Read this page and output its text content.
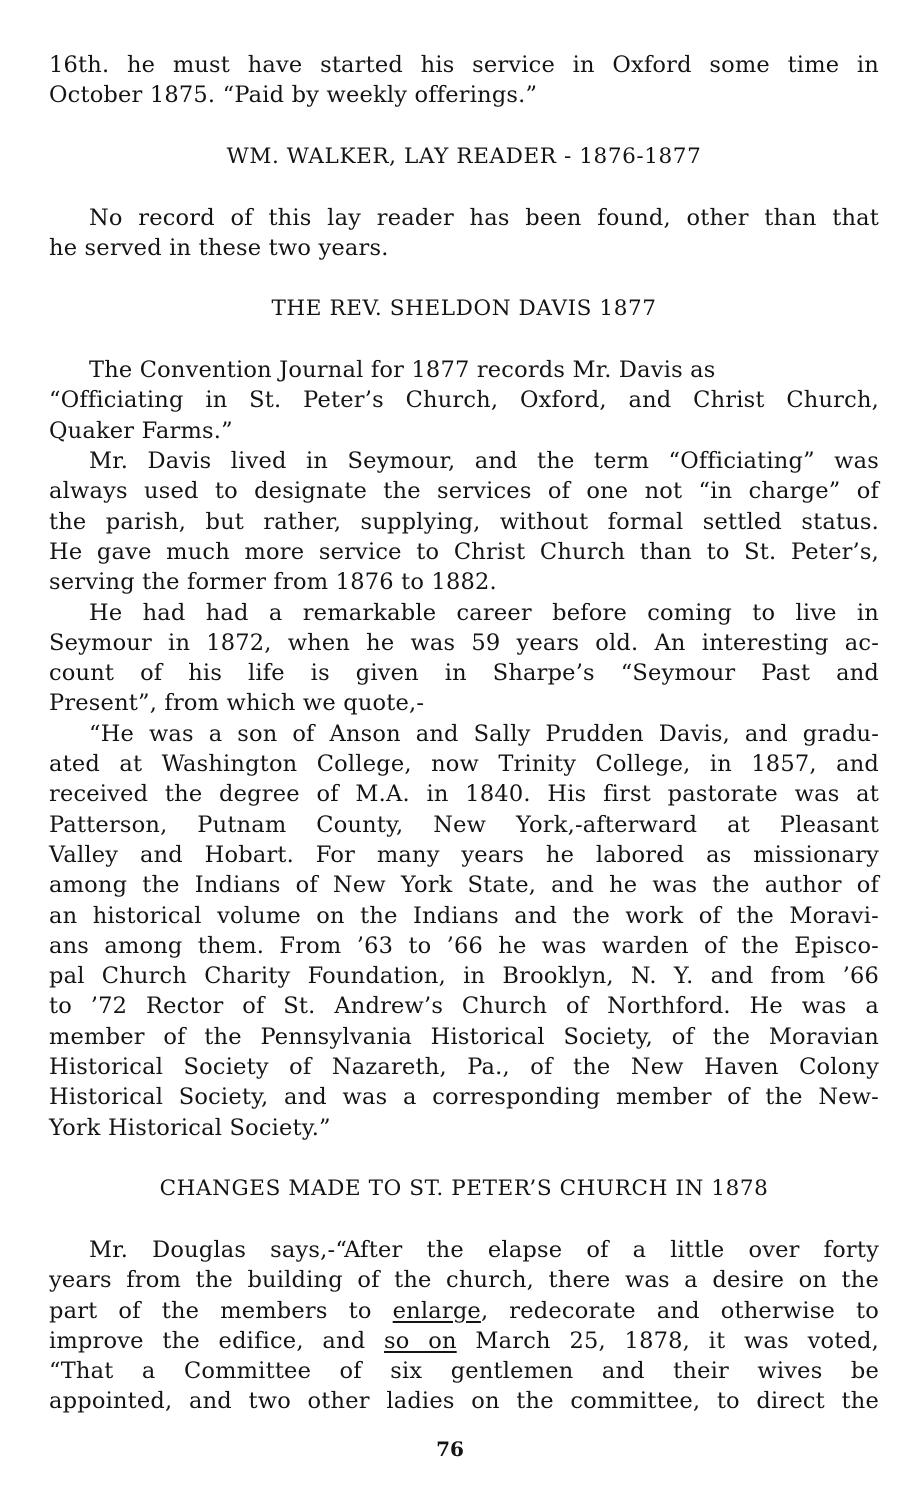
16th. he must have started his service in Oxford some time in
October 1875. “Paid by weekly offerings.”
WM. WALKER, LAY READER - 1876-1877
No record of this lay reader has been found, other than that
he served in these two years.
THE REV. SHELDON DAVIS 1877
The Convention Journal for 1877 records Mr. Davis as
“Officiating in St. Peter’s Church, Oxford, and Christ Church,
Quaker Farms.”
Mr. Davis lived in Seymour, and the term “Officiating” was
always used to designate the services of one not “in charge” of
the parish, but rather, supplying, without formal settled status.
He gave much more service to Christ Church than to St. Peter’s,
serving the former from 1876 to 1882.
He had had a remarkable career before coming to live in
Seymour in 1872, when he was 59 years old. An interesting ac-
count of his life is given in Sharpe’s “Seymour Past and
Present”, from which we quote,-
“He was a son of Anson and Sally Prudden Davis, and gradu-
ated at Washington College, now Trinity College, in 1857, and
received the degree of M.A. in 1840. His first pastorate was at
Patterson, Putnam County, New York,-afterward at Pleasant
Valley and Hobart. For many years he labored as missionary
among the Indians of New York State, and he was the author of
an historical volume on the Indians and the work of the Moravi-
ans among them. From ’63 to ’66 he was warden of the Episco-
pal Church Charity Foundation, in Brooklyn, N. Y. and from ’66
to ’72 Rector of St. Andrew’s Church of Northford. He was a
member of the Pennsylvania Historical Society, of the Moravian
Historical Society of Nazareth, Pa., of the New Haven Colony
Historical Society, and was a corresponding member of the New-
York Historical Society.”
CHANGES MADE TO ST. PETER’S CHURCH IN 1878
Mr. Douglas says,-“After the elapse of a little over forty
years from the building of the church, there was a desire on the
part of the members to enlarge, redecorate and otherwise to
improve the edifice, and so on March 25, 1878, it was voted,
“That a Committee of six gentlemen and their wives be
appointed, and two other ladies on the committee, to direct the
76
